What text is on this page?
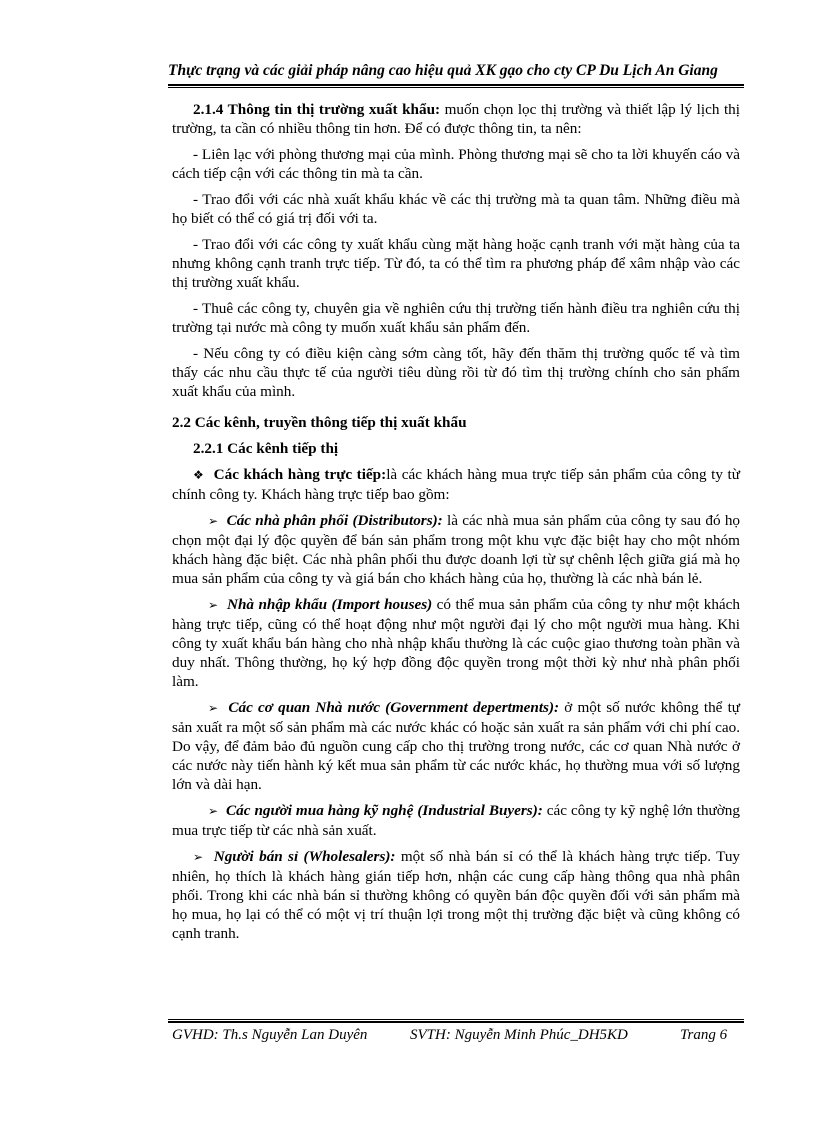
Thực trạng và các giải pháp nâng cao hiệu quả XK gạo cho cty CP Du Lịch An Giang

2.1.4 Thông tin thị trường xuất khẩu: muốn chọn lọc thị trường và thiết lập lý lịch thị trường, ta cần có nhiều thông tin hơn. Để có được thông tin, ta nên:

- Liên lạc với phòng thương mại của mình. Phòng thương mại sẽ cho ta lời khuyến cáo và cách tiếp cận với các thông tin mà ta cần.

- Trao đổi với các nhà xuất khẩu khác về các thị trường mà ta quan tâm. Những điều mà họ biết có thể có giá trị đối với ta.

- Trao đổi với các công ty xuất khẩu cùng mặt hàng hoặc cạnh tranh với mặt hàng của ta nhưng không cạnh tranh trực tiếp. Từ đó, ta có thể tìm ra phương pháp để xâm nhập vào các thị trường xuất khẩu.

- Thuê các công ty, chuyên gia về nghiên cứu thị trường tiến hành điều tra nghiên cứu thị trường tại nước mà công ty muốn xuất khẩu sản phẩm đến.

- Nếu công ty có điều kiện càng sớm càng tốt, hãy đến thăm thị trường quốc tế và tìm thấy các nhu cầu thực tế của người tiêu dùng rồi từ đó tìm thị trường chính cho sản phẩm xuất khẩu của mình.

2.2 Các kênh, truyền thông tiếp thị xuất khẩu

2.2.1 Các kênh tiếp thị

❖ Các khách hàng trực tiếp:là các khách hàng mua trực tiếp sản phẩm của công ty từ chính công ty. Khách hàng trực tiếp bao gồm:

➢ Các nhà phân phối (Distributors): là các nhà mua sản phẩm của công ty sau đó họ chọn một đại lý độc quyền để bán sản phẩm trong một khu vực đặc biệt hay cho một nhóm khách hàng đặc biệt. Các nhà phân phối thu được doanh lợi từ sự chênh lệch giữa giá mà họ mua sản phẩm của công ty và giá bán cho khách hàng của họ, thường là các nhà bán lẻ.

➢ Nhà nhập khẩu (Import houses) có thể mua sản phẩm của công ty như một khách hàng trực tiếp, cũng có thể hoạt động như một người đại lý cho một người mua hàng. Khi công ty xuất khẩu bán hàng cho nhà nhập khẩu thường là các cuộc giao thương toàn phần và duy nhất. Thông thường, họ ký hợp đồng độc quyền trong một thời kỳ như nhà phân phối làm.

➢ Các cơ quan Nhà nước (Government depertments): ở một số nước không thể tự sản xuất ra một số sản phẩm mà các nước khác có hoặc sản xuất ra sản phẩm với chi phí cao. Do vậy, để đảm bảo đủ nguồn cung cấp cho thị trường trong nước, các cơ quan Nhà nước ở các nước này tiến hành ký kết mua sản phẩm từ các nước khác, họ thường mua với số lượng lớn và dài hạn.

➢ Các người mua hàng kỹ nghệ (Industrial Buyers): các công ty kỹ nghệ lớn thường mua trực tiếp từ các nhà sản xuất.

➢ Người bán sỉ (Wholesalers): một số nhà bán sỉ có thể là khách hàng trực tiếp. Tuy nhiên, họ thích là khách hàng gián tiếp hơn, nhận các cung cấp hàng thông qua nhà phân phối. Trong khi các nhà bán sỉ thường không có quyền bán độc quyền đối với sản phẩm mà họ mua, họ lại có thể có một vị trí thuận lợi trong một thị trường đặc biệt và cũng không có cạnh tranh.

GVHD: Th.s Nguyễn Lan Duyên	SVTH: Nguyễn Minh Phúc_DH5KD	Trang 6
